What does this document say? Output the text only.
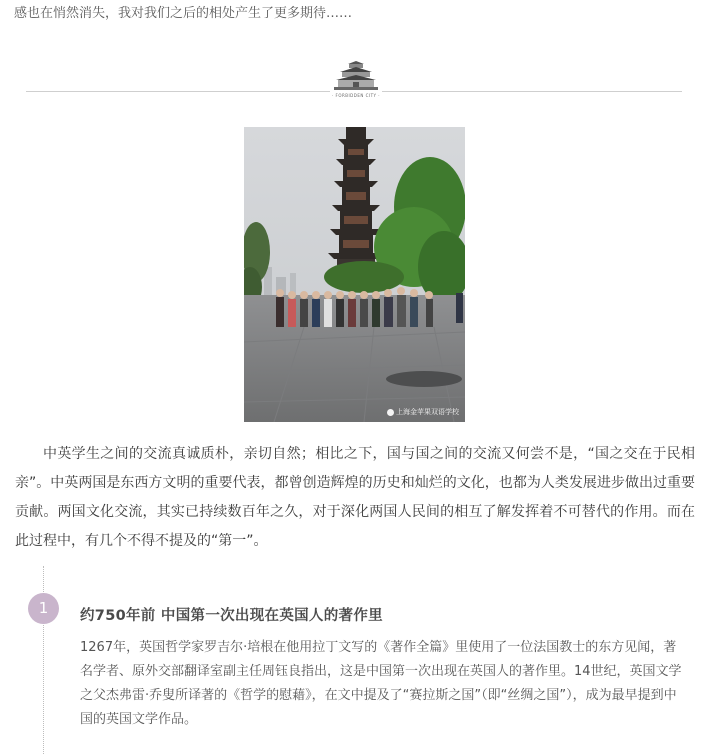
感也在悄然消失，我对我们之后的相处产生了更多期待……
· FORBIDDEN CITY ·
上海金苹果双语学校

中英学生之间的交流真诚质朴，亲切自然；相比之下，国与国之间的交流又何尝不是，“国之交在于民相亲”。中英两国是东西方文明的重要代表，都曾创造辉煌的历史和灿烂的文化，也都为人类发展进步做出过重要贡献。两国文化交流，其实已持续数百年之久，对于深化两国人民间的相互了解发挥着不可替代的作用。而在此过程中，有几个不得不提及的“第一”。

1	约750年前 中国第一次出现在英国人的著作里

1267年，英国哲学家罗吉尔·培根在他用拉丁文写的《著作全篇》里使用了一位法国教士的东方见闻，著名学者、原外交部翻译室副主任周钰良指出，这是中国第一次出现在英国人的著作里。14世纪，英国文学之父杰弗雷·乔叟所译著的《哲学的慰藉》，在文中提及了“赛拉斯之国”（即“丝绸之国”），成为最早提到中国的英国文学作品。
